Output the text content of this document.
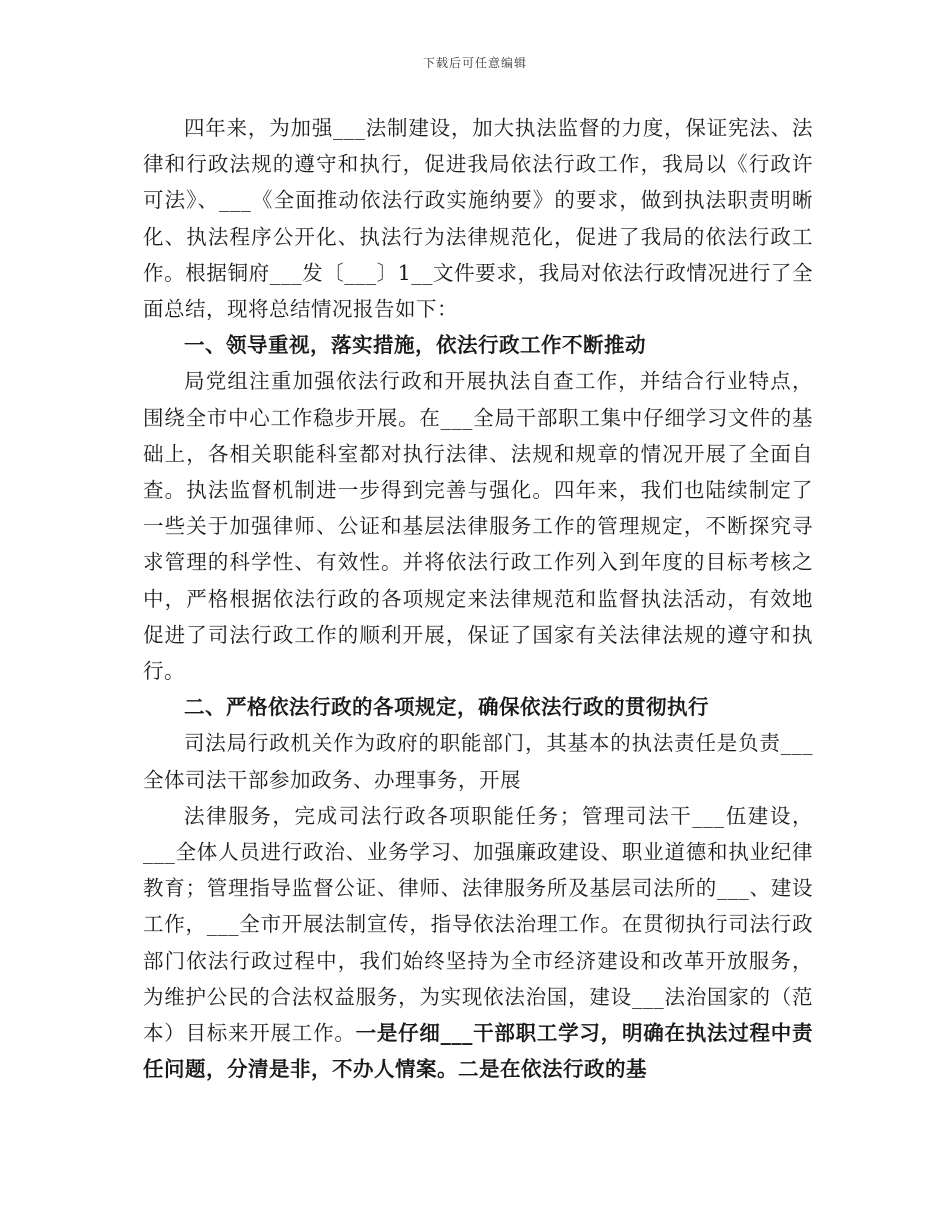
下载后可任意编辑

四年来，为加强___法制建设，加大执法监督的力度，保证宪法、法律和行政法规的遵守和执行，促进我局依法行政工作，我局以《行政许可法》、___《全面推动依法行政实施纳要》的要求，做到执法职责明晰化、执法程序公开化、执法行为法律规范化，促进了我局的依法行政工作。根据铜府___发〔___〕1__文件要求，我局对依法行政情况进行了全面总结，现将总结情况报告如下：

一、领导重视，落实措施，依法行政工作不断推动

局党组注重加强依法行政和开展执法自查工作，并结合行业特点，围绕全市中心工作稳步开展。在___全局干部职工集中仔细学习文件的基础上，各相关职能科室都对执行法律、法规和规章的情况开展了全面自查。执法监督机制进一步得到完善与强化。四年来，我们也陆续制定了一些关于加强律师、公证和基层法律服务工作的管理规定，不断探究寻求管理的科学性、有效性。并将依法行政工作列入到年度的目标考核之中，严格根据依法行政的各项规定来法律规范和监督执法活动，有效地促进了司法行政工作的顺利开展，保证了国家有关法律法规的遵守和执行。

二、严格依法行政的各项规定，确保依法行政的贯彻执行

司法局行政机关作为政府的职能部门，其基本的执法责任是负责___全体司法干部参加政务、办理事务，开展

法律服务，完成司法行政各项职能任务；管理司法干___伍建设，___全体人员进行政治、业务学习、加强廉政建设、职业道德和执业纪律教育；管理指导监督公证、律师、法律服务所及基层司法所的___、建设工作，___全市开展法制宣传，指导依法治理工作。在贯彻执行司法行政部门依法行政过程中，我们始终坚持为全市经济建设和改革开放服务，为维护公民的合法权益服务，为实现依法治国，建设___法治国家的（范本）目标来开展工作。一是仔细___干部职工学习，明确在执法过程中责任问题，分清是非，不办人情案。二是在依法行政的基
